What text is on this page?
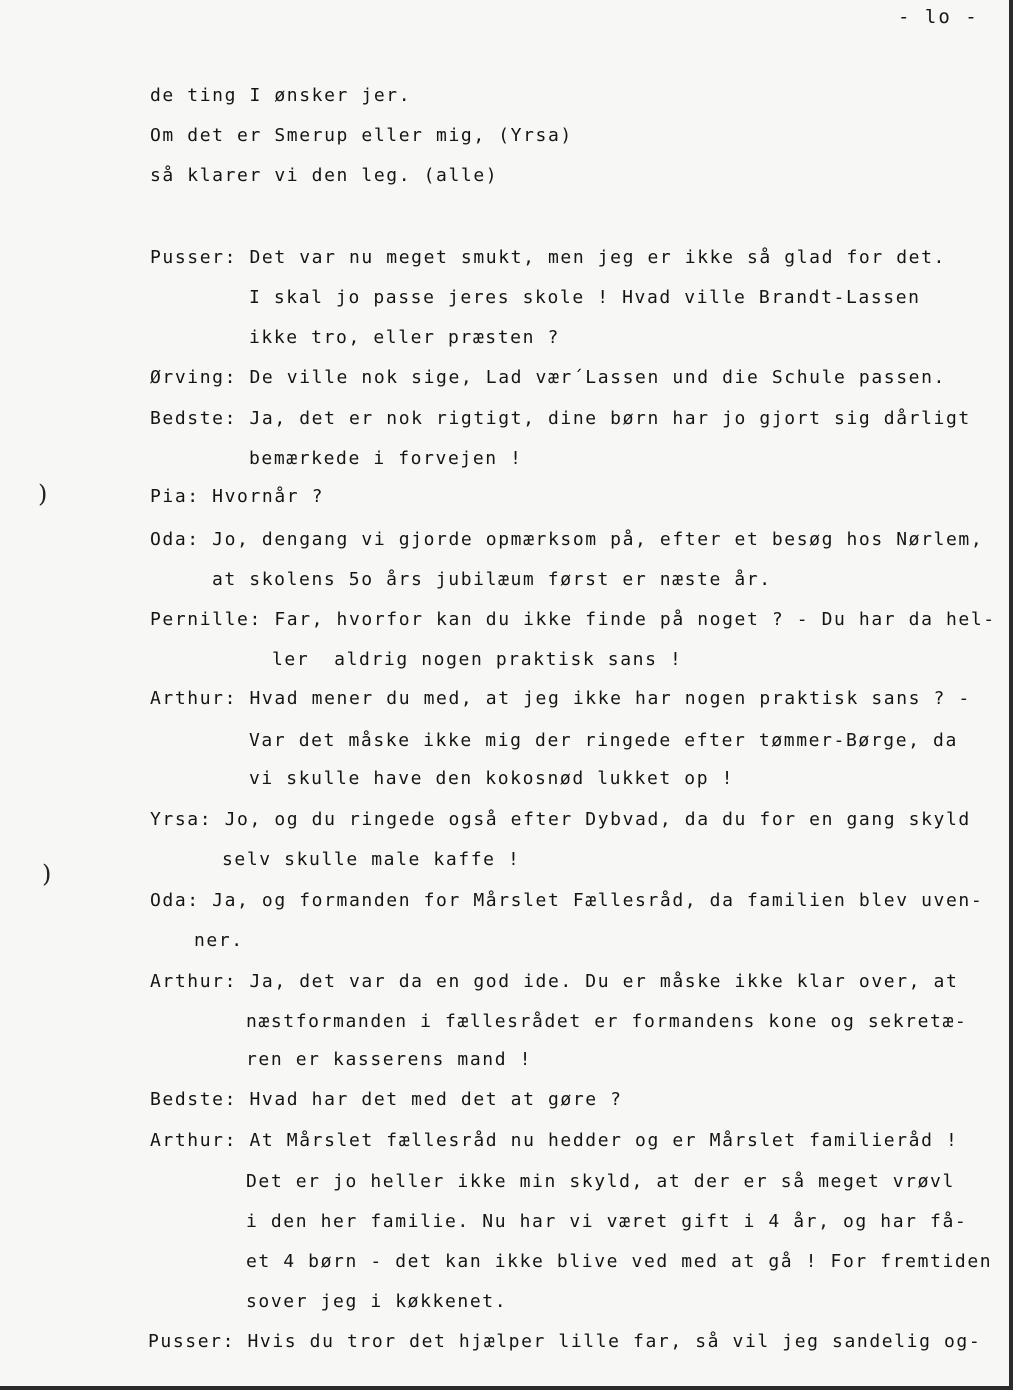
- lo -
)
)
de ting I ønsker jer.
Om det er Smerup eller mig, (Yrsa)
så klarer vi den leg. (alle)
Pusser: Det var nu meget smukt, men jeg er ikke så glad for det.
I skal jo passe jeres skole ! Hvad ville Brandt-Lassen
ikke tro, eller præsten ?
Ørving: De ville nok sige, Lad vær´Lassen und die Schule passen.
Bedste: Ja, det er nok rigtigt, dine børn har jo gjort sig dårligt
bemærkede i forvejen !
Pia: Hvornår ?
Oda: Jo, dengang vi gjorde opmærksom på, efter et besøg hos Nørlem,
at skolens 5o års jubilæum først er næste år.
Pernille: Far, hvorfor kan du ikke finde på noget ? - Du har da hel-
ler  aldrig nogen praktisk sans !
Arthur: Hvad mener du med, at jeg ikke har nogen praktisk sans ? -
Var det måske ikke mig der ringede efter tømmer-Børge, da
vi skulle have den kokosnød lukket op !
Yrsa: Jo, og du ringede også efter Dybvad, da du for en gang skyld
selv skulle male kaffe !
Oda: Ja, og formanden for Mårslet Fællesråd, da familien blev uven-
ner.
Arthur: Ja, det var da en god ide. Du er måske ikke klar over, at
næstformanden i fællesrådet er formandens kone og sekretæ-
ren er kasserens mand !
Bedste: Hvad har det med det at gøre ?
Arthur: At Mårslet fællesråd nu hedder og er Mårslet familieråd !
Det er jo heller ikke min skyld, at der er så meget vrøvl
i den her familie. Nu har vi været gift i 4 år, og har få-
et 4 børn - det kan ikke blive ved med at gå ! For fremtiden
sover jeg i køkkenet.
Pusser: Hvis du tror det hjælper lille far, så vil jeg sandelig og-
